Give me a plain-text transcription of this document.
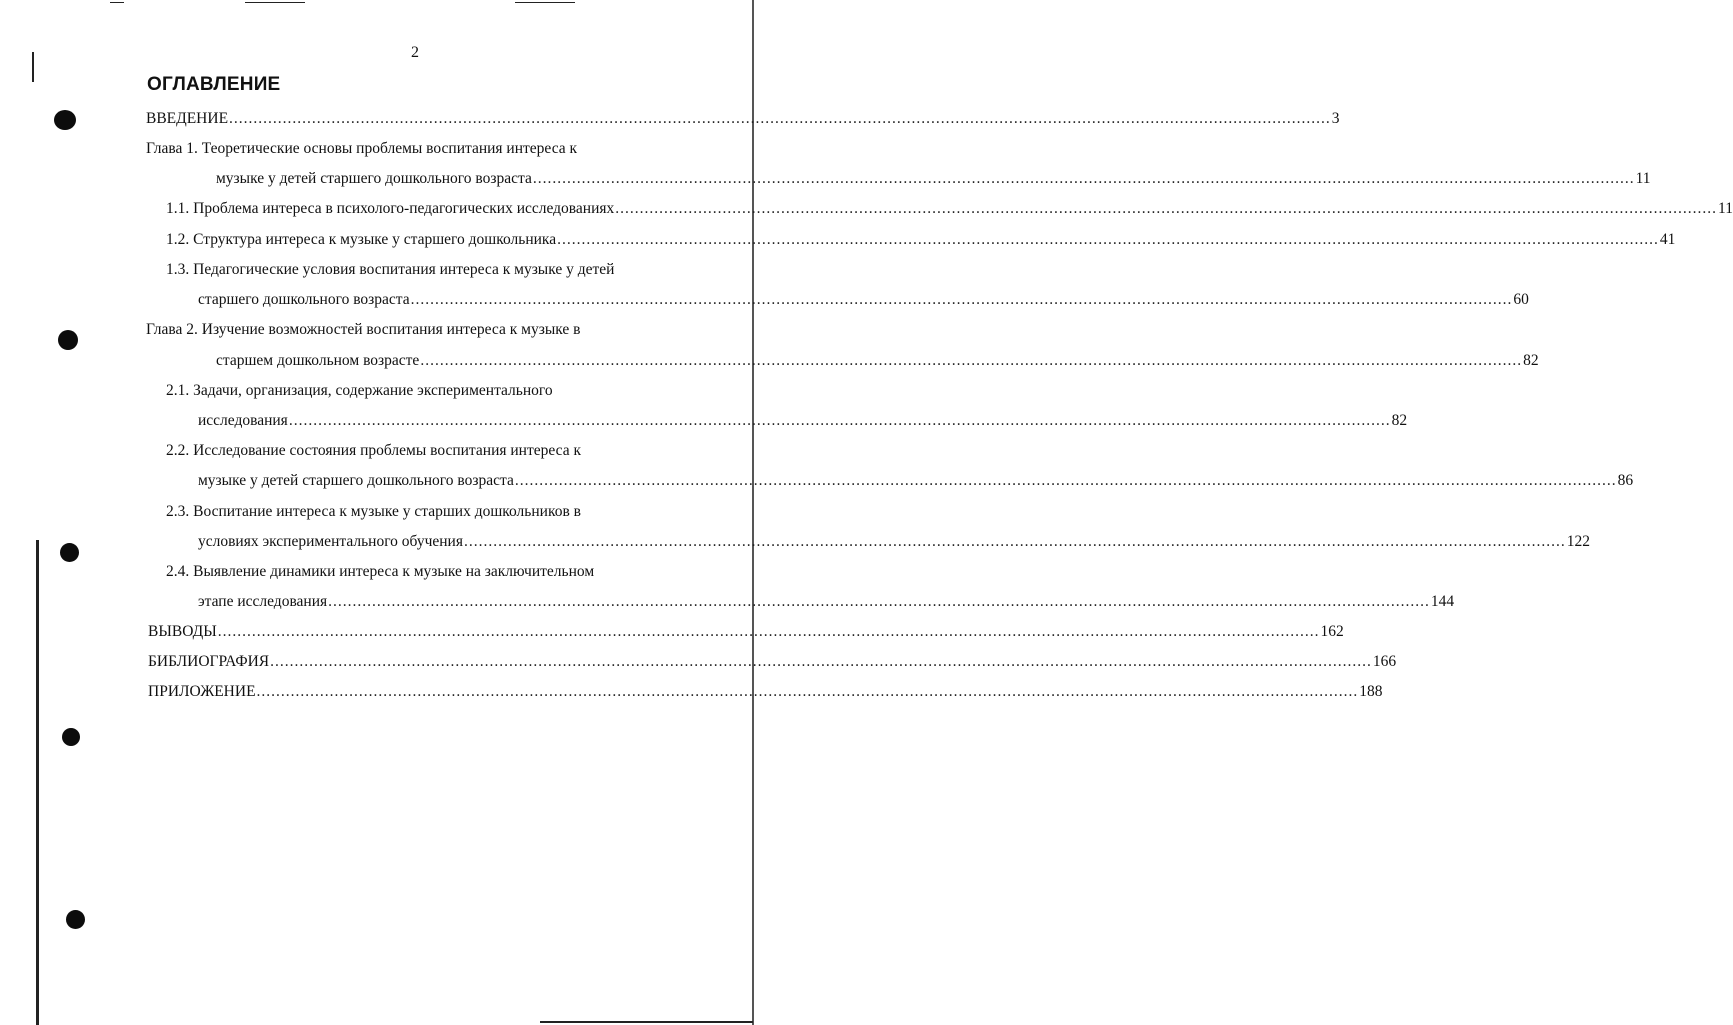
2
ОГЛАВЛЕНИЕ
ВВЕДЕНИЕ .................................................................................................................................................................................................................................. 3
Глава 1. Теоретические основы проблемы воспитания интереса к
музыке у детей старшего дошкольного возраста .................................................................................................................................................................................................................................. 11
1.1. Проблема интереса в психолого-педагогических исследованиях .................................................................................................................................................................................................................................. 11
1.2. Структура интереса к музыке у старшего дошкольника .................................................................................................................................................................................................................................. 41
1.3. Педагогические условия воспитания интереса к музыке у детей
старшего дошкольного возраста .................................................................................................................................................................................................................................. 60
Глава 2. Изучение возможностей воспитания интереса к музыке в
старшем дошкольном возрасте .................................................................................................................................................................................................................................. 82
2.1. Задачи, организация, содержание экспериментального
исследования .................................................................................................................................................................................................................................. 82
2.2. Исследование состояния проблемы воспитания интереса к
музыке у детей старшего дошкольного возраста .................................................................................................................................................................................................................................. 86
2.3. Воспитание интереса к музыке у старших дошкольников в
условиях экспериментального обучения .................................................................................................................................................................................................................................. 122
2.4. Выявление динамики интереса к музыке на заключительном
этапе исследования .................................................................................................................................................................................................................................. 144
ВЫВОДЫ .................................................................................................................................................................................................................................. 162
БИБЛИОГРАФИЯ .................................................................................................................................................................................................................................. 166
ПРИЛОЖЕНИЕ .................................................................................................................................................................................................................................. 188
